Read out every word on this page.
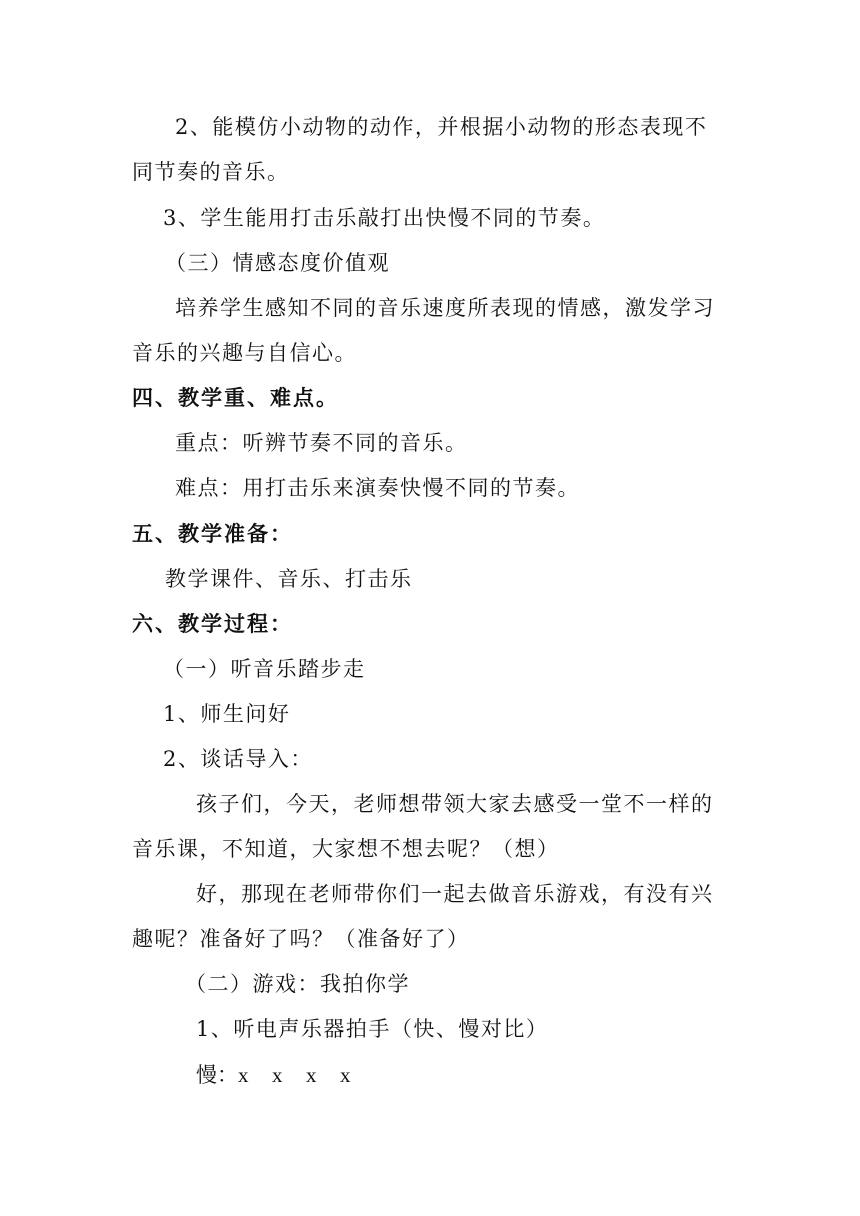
2、能模仿小动物的动作，并根据小动物的形态表现不
同节奏的音乐。
3、学生能用打击乐敲打出快慢不同的节奏。
（三）情感态度价值观
培养学生感知不同的音乐速度所表现的情感，激发学习
音乐的兴趣与自信心。
四、教学重、难点。
重点：听辨节奏不同的音乐。
难点：用打击乐来演奏快慢不同的节奏。
五、教学准备：
教学课件、音乐、打击乐
六、教学过程：
（一）听音乐踏步走
1、师生问好
2、谈话导入：
孩子们，今天，老师想带领大家去感受一堂不一样的
音乐课，不知道，大家想不想去呢？（想）
好，那现在老师带你们一起去做音乐游戏，有没有兴
趣呢？准备好了吗？（准备好了）
（二）游戏：我拍你学
1、听电声乐器拍手（快、慢对比）
慢：x x x x
